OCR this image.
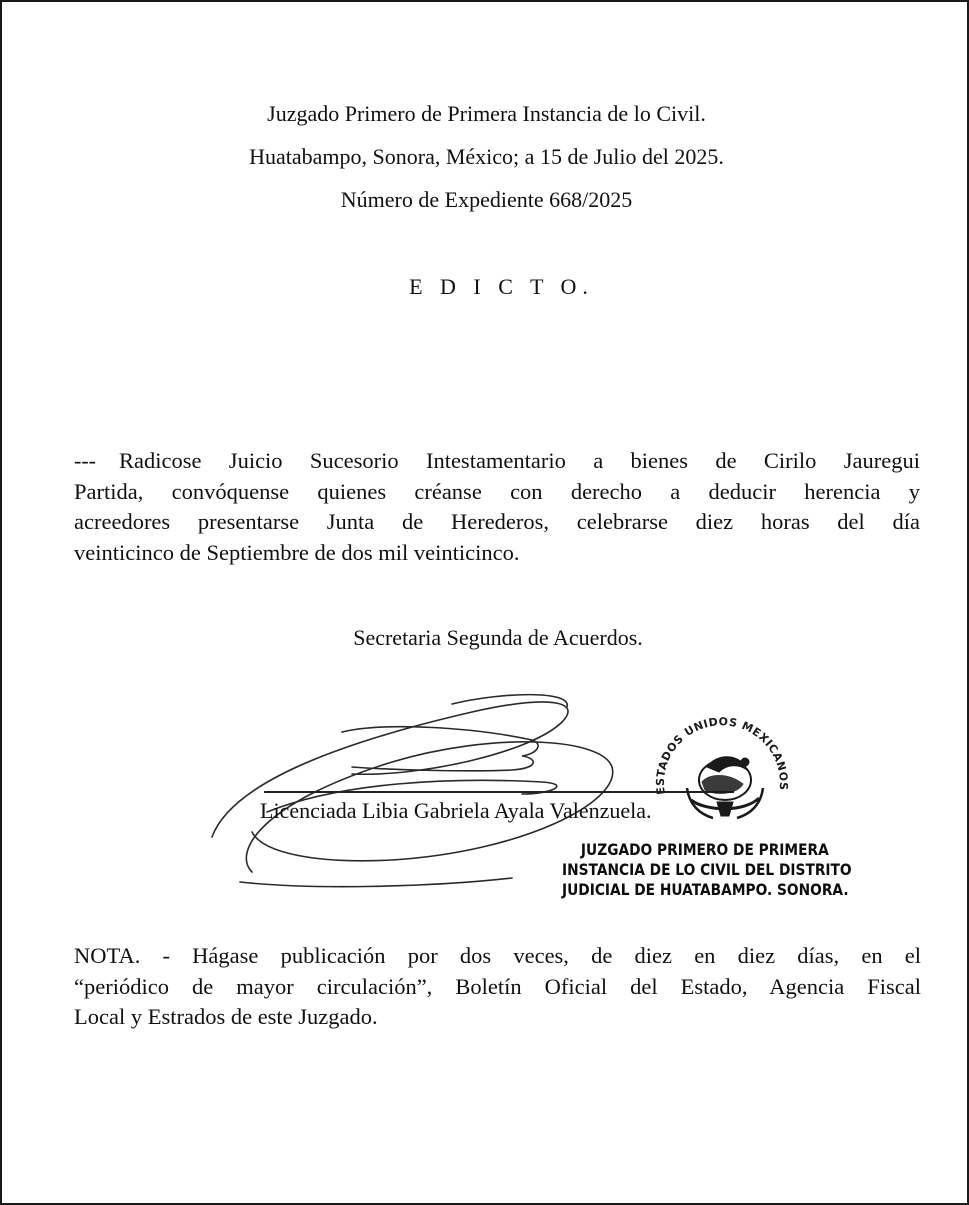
Juzgado Primero de Primera Instancia de lo Civil.
Huatabampo, Sonora, México; a 15 de Julio del 2025.
Número de Expediente 668/2025
E D I C T O.
--- Radicose Juicio Sucesorio Intestamentario a bienes de Cirilo Jauregui
Partida, convóquense quienes créanse con derecho a deducir herencia y
acreedores presentarse Junta de Herederos, celebrarse diez horas del día
veinticinco de Septiembre de dos mil veinticinco.
Secretaria Segunda de Acuerdos.
Licenciada Libia Gabriela Ayala Valenzuela.
ESTADOS UNIDOS MEXICANOS
JUZGADO PRIMERO DE PRIMERA
INSTANCIA DE LO CIVIL DEL DISTRITO
JUDICIAL DE HUATABAMPO. SONORA.
NOTA. - Hágase publicación por dos veces, de diez en diez días, en el
“periódico de mayor circulación”, Boletín Oficial del Estado, Agencia Fiscal
Local y Estrados de este Juzgado.
